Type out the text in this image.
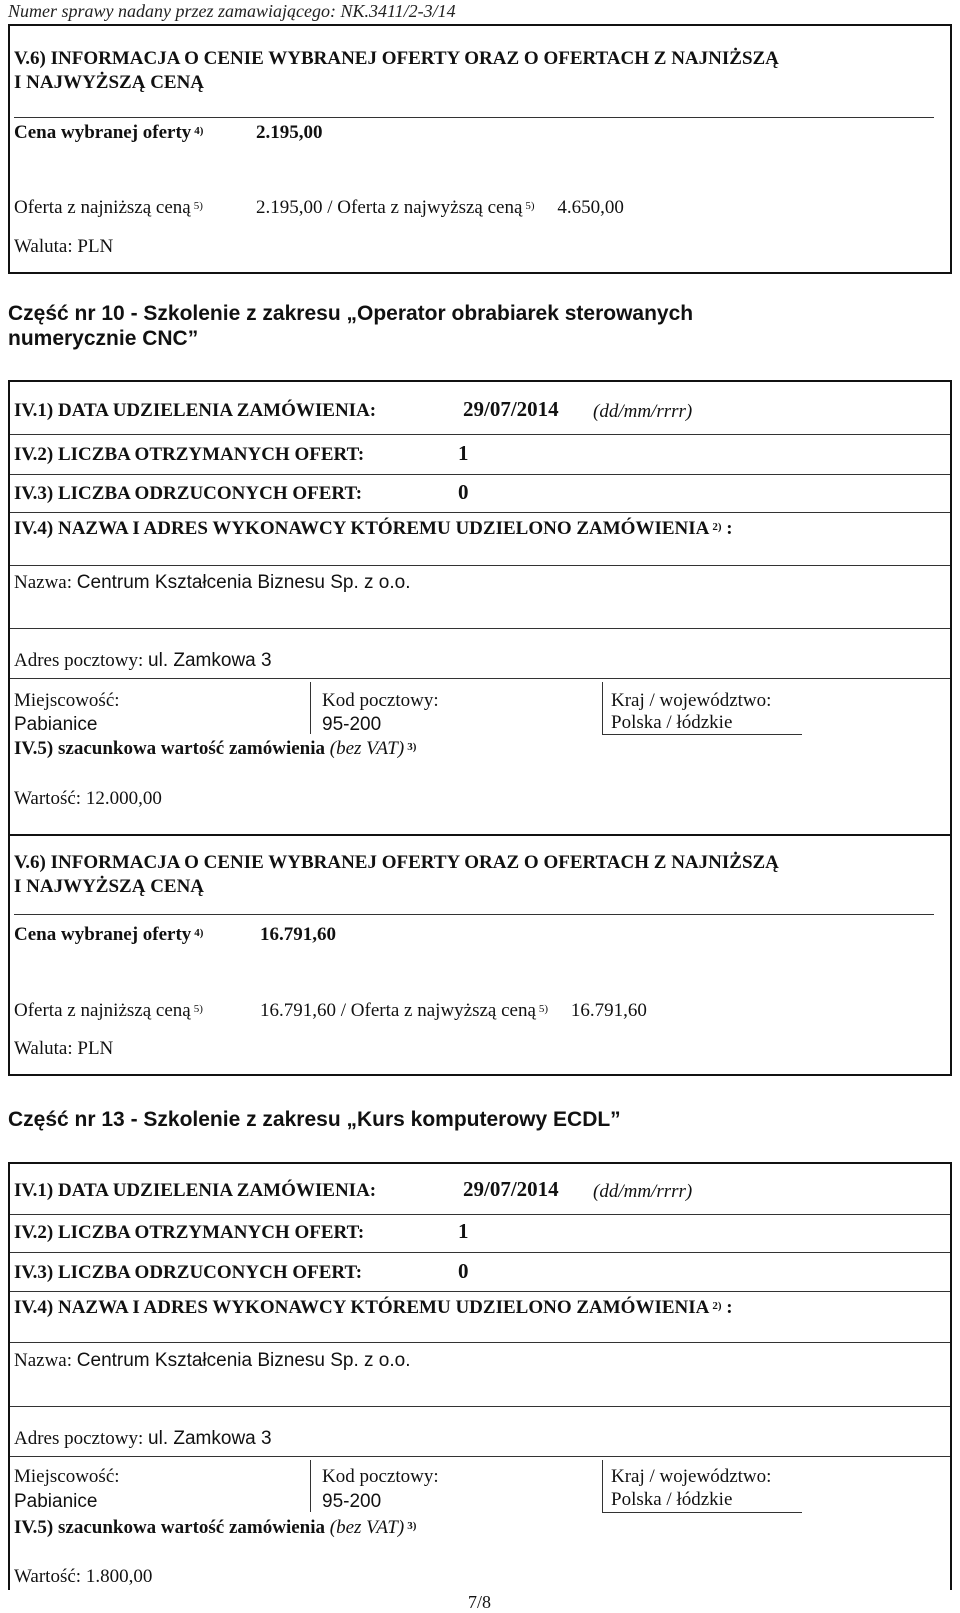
Numer sprawy nadany przez zamawiającego: NK.3411/2-3/14
V.6) INFORMACJA O CENIE WYBRANEJ OFERTY ORAZ O OFERTACH Z NAJNIŻSZĄ
I NAJWYŻSZĄ CENĄ
Cena wybranej oferty $^{4)}$	2.195,00
Oferta z najniższą ceną $^{5)}$	2.195,00 / Oferta z najwyższą ceną $^{5)}$ 4.650,00
Waluta: PLN
Część nr 10 - Szkolenie z zakresu „Operator obrabiarek sterowanych
numerycznie CNC”
IV.1) DATA UDZIELENIA ZAMÓWIENIA:	29/07/2014 (dd/mm/rrrr)
IV.2) LICZBA OTRZYMANYCH OFERT:	1
IV.3) LICZBA ODRZUCONYCH OFERT:	0
IV.4) NAZWA I ADRES WYKONAWCY KTÓREMU UDZIELONO ZAMÓWIENIA $^{2)}$ :
Nazwa: Centrum Kształcenia Biznesu Sp. z o.o.
Adres pocztowy: ul. Zamkowa 3
Miejscowość:
Pabianice
Kod pocztowy:
95-200
Kraj / województwo:
Polska / łódzkie
IV.5) szacunkowa wartość zamówienia (bez VAT) $^{3)}$
Wartość: 12.000,00
V.6) INFORMACJA O CENIE WYBRANEJ OFERTY ORAZ O OFERTACH Z NAJNIŻSZĄ
I NAJWYŻSZĄ CENĄ
Cena wybranej oferty $^{4)}$	16.791,60
Oferta z najniższą ceną $^{5)}$	16.791,60 / Oferta z najwyższą ceną $^{5)}$ 16.791,60
Waluta: PLN
Część nr 13 - Szkolenie z zakresu „Kurs komputerowy ECDL”
IV.1) DATA UDZIELENIA ZAMÓWIENIA:	29/07/2014 (dd/mm/rrrr)
IV.2) LICZBA OTRZYMANYCH OFERT:	1
IV.3) LICZBA ODRZUCONYCH OFERT:	0
IV.4) NAZWA I ADRES WYKONAWCY KTÓREMU UDZIELONO ZAMÓWIENIA $^{2)}$ :
Nazwa: Centrum Kształcenia Biznesu Sp. z o.o.
Adres pocztowy: ul. Zamkowa 3
Miejscowość:
Pabianice
Kod pocztowy:
95-200
Kraj / województwo:
Polska / łódzkie
IV.5) szacunkowa wartość zamówienia (bez VAT) $^{3)}$
Wartość: 1.800,00
7/8
